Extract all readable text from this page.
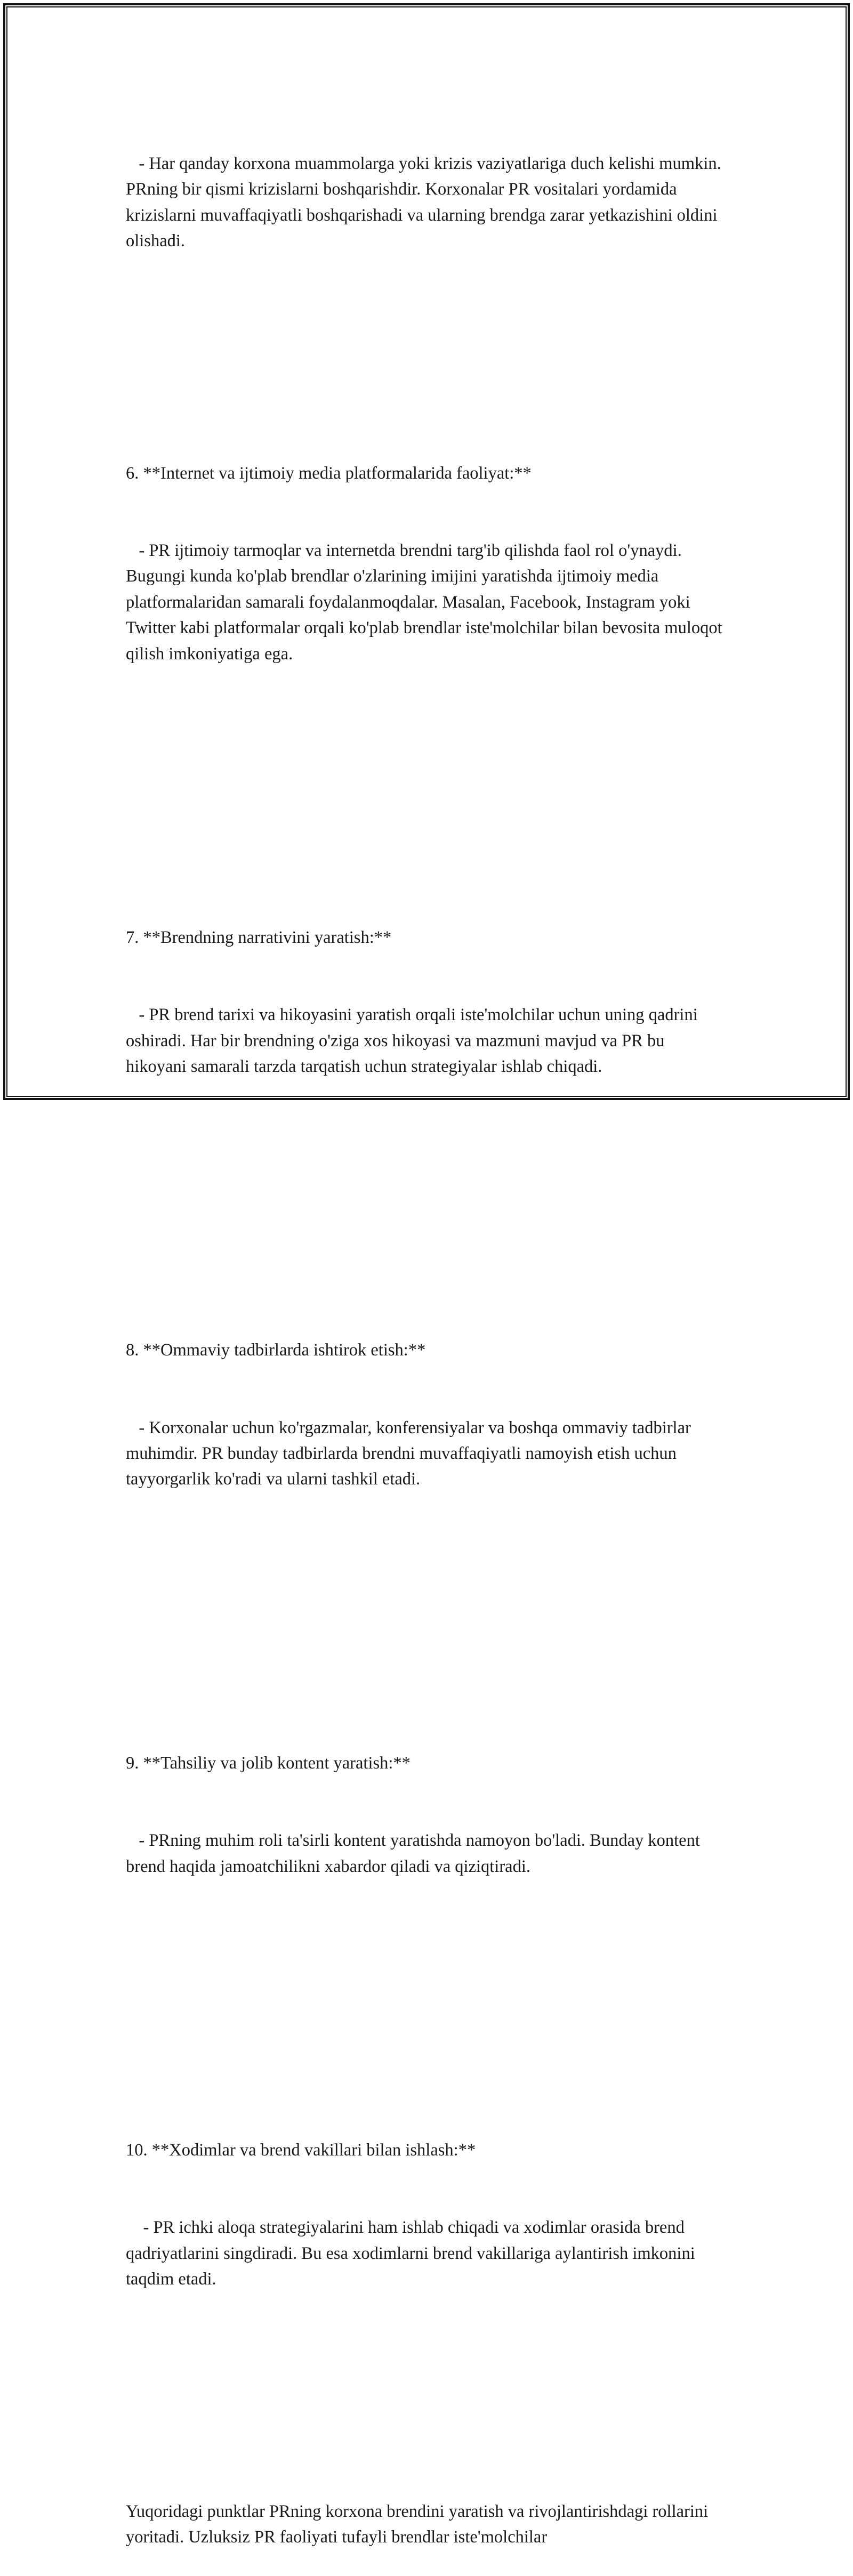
- Har qanday korxona muammolarga yoki krizis vaziyatlariga duch kelishi mumkin. PRning bir qismi krizislarni boshqarishdir. Korxonalar PR vositalari yordamida krizislarni muvaffaqiyatli boshqarishadi va ularning brendga zarar yetkazishini oldini olishadi.

6. **Internet va ijtimoiy media platformalarida faoliyat:**

- PR ijtimoiy tarmoqlar va internetda brendni targ'ib qilishda faol rol o'ynaydi. Bugungi kunda ko'plab brendlar o'zlarining imijini yaratishda ijtimoiy media platformalaridan samarali foydalanmoqdalar. Masalan, Facebook, Instagram yoki Twitter kabi platformalar orqali ko'plab brendlar iste'molchilar bilan bevosita muloqot qilish imkoniyatiga ega.

7. **Brendning narrativini yaratish:**

- PR brend tarixi va hikoyasini yaratish orqali iste'molchilar uchun uning qadrini oshiradi. Har bir brendning o'ziga xos hikoyasi va mazmuni mavjud va PR bu hikoyani samarali tarzda tarqatish uchun strategiyalar ishlab chiqadi.

8. **Ommaviy tadbirlarda ishtirok etish:**

- Korxonalar uchun ko'rgazmalar, konferensiyalar va boshqa ommaviy tadbirlar muhimdir. PR bunday tadbirlarda brendni muvaffaqiyatli namoyish etish uchun tayyorgarlik ko'radi va ularni tashkil etadi.

9. **Tahsiliy va jolib kontent yaratish:**

- PRning muhim roli ta'sirli kontent yaratishda namoyon bo'ladi. Bunday kontent brend haqida jamoatchilikni xabardor qiladi va qiziqtiradi.

10. **Xodimlar va brend vakillari bilan ishlash:**

- PR ichki aloqa strategiyalarini ham ishlab chiqadi va xodimlar orasida brend qadriyatlarini singdiradi. Bu esa xodimlarni brend vakillariga aylantirish imkonini taqdim etadi.

Yuqoridagi punktlar PRning korxona brendini yaratish va rivojlantirishdagi rollarini yoritadi. Uzluksiz PR faoliyati tufayli brendlar iste'molchilar
